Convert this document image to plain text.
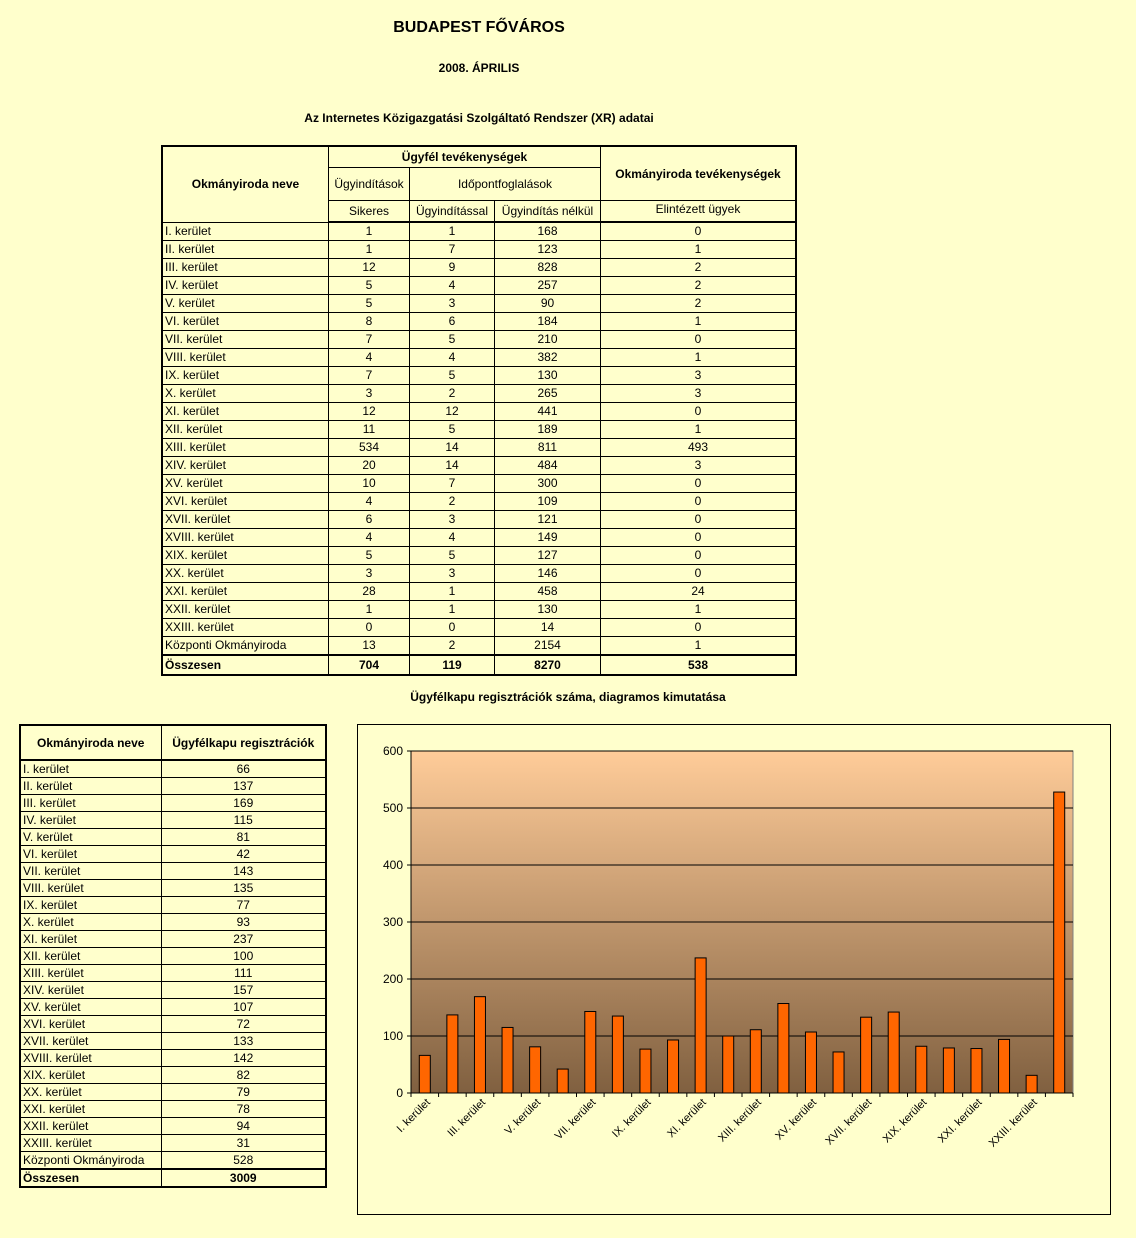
BUDAPEST FŐVÁROS
2008. ÁPRILIS
Az Internetes Közigazgatási Szolgáltató Rendszer (XR) adatai
Okmányiroda neve	Ügyfél tevékenységek			Okmányiroda tevékenységek
	Ügyindítások	Időpontfoglalások		
	Sikeres	Ügyindítással	Ügyindítás nélkül	Elintézett ügyek
I. kerület	1	1	168	0
II. kerület	1	7	123	1
III. kerület	12	9	828	2
IV. kerület	5	4	257	2
V. kerület	5	3	90	2
VI. kerület	8	6	184	1
VII. kerület	7	5	210	0
VIII. kerület	4	4	382	1
IX. kerület	7	5	130	3
X. kerület	3	2	265	3
XI. kerület	12	12	441	0
XII. kerület	11	5	189	1
XIII. kerület	534	14	811	493
XIV. kerület	20	14	484	3
XV. kerület	10	7	300	0
XVI. kerület	4	2	109	0
XVII. kerület	6	3	121	0
XVIII. kerület	4	4	149	0
XIX. kerület	5	5	127	0
XX. kerület	3	3	146	0
XXI. kerület	28	1	458	24
XXII. kerület	1	1	130	1
XXIII. kerület	0	0	14	0
Központi Okmányiroda	13	2	2154	1
Összesen	704	119	8270	538
Ügyfélkapu regisztrációk száma, diagramos kimutatása
Okmányiroda neve	Ügyfélkapu regisztrációk
I. kerület	66
II. kerület	137
III. kerület	169
IV. kerület	115
V. kerület	81
VI. kerület	42
VII. kerület	143
VIII. kerület	135
IX. kerület	77
X. kerület	93
XI. kerület	237
XII. kerület	100
XIII. kerület	111
XIV. kerület	157
XV. kerület	107
XVI. kerület	72
XVII. kerület	133
XVIII. kerület	142
XIX. kerület	82
XX. kerület	79
XXI. kerület	78
XXII. kerület	94
XXIII. kerület	31
Központi Okmányiroda	528
Összesen	3009
0
100
200
300
400
500
600
I. kerület III. kerület V. kerület VII. kerület IX. kerület XI. kerület XIII. kerület XV. kerület XVII. kerület XIX. kerület XXI. kerület XXIII. kerület
